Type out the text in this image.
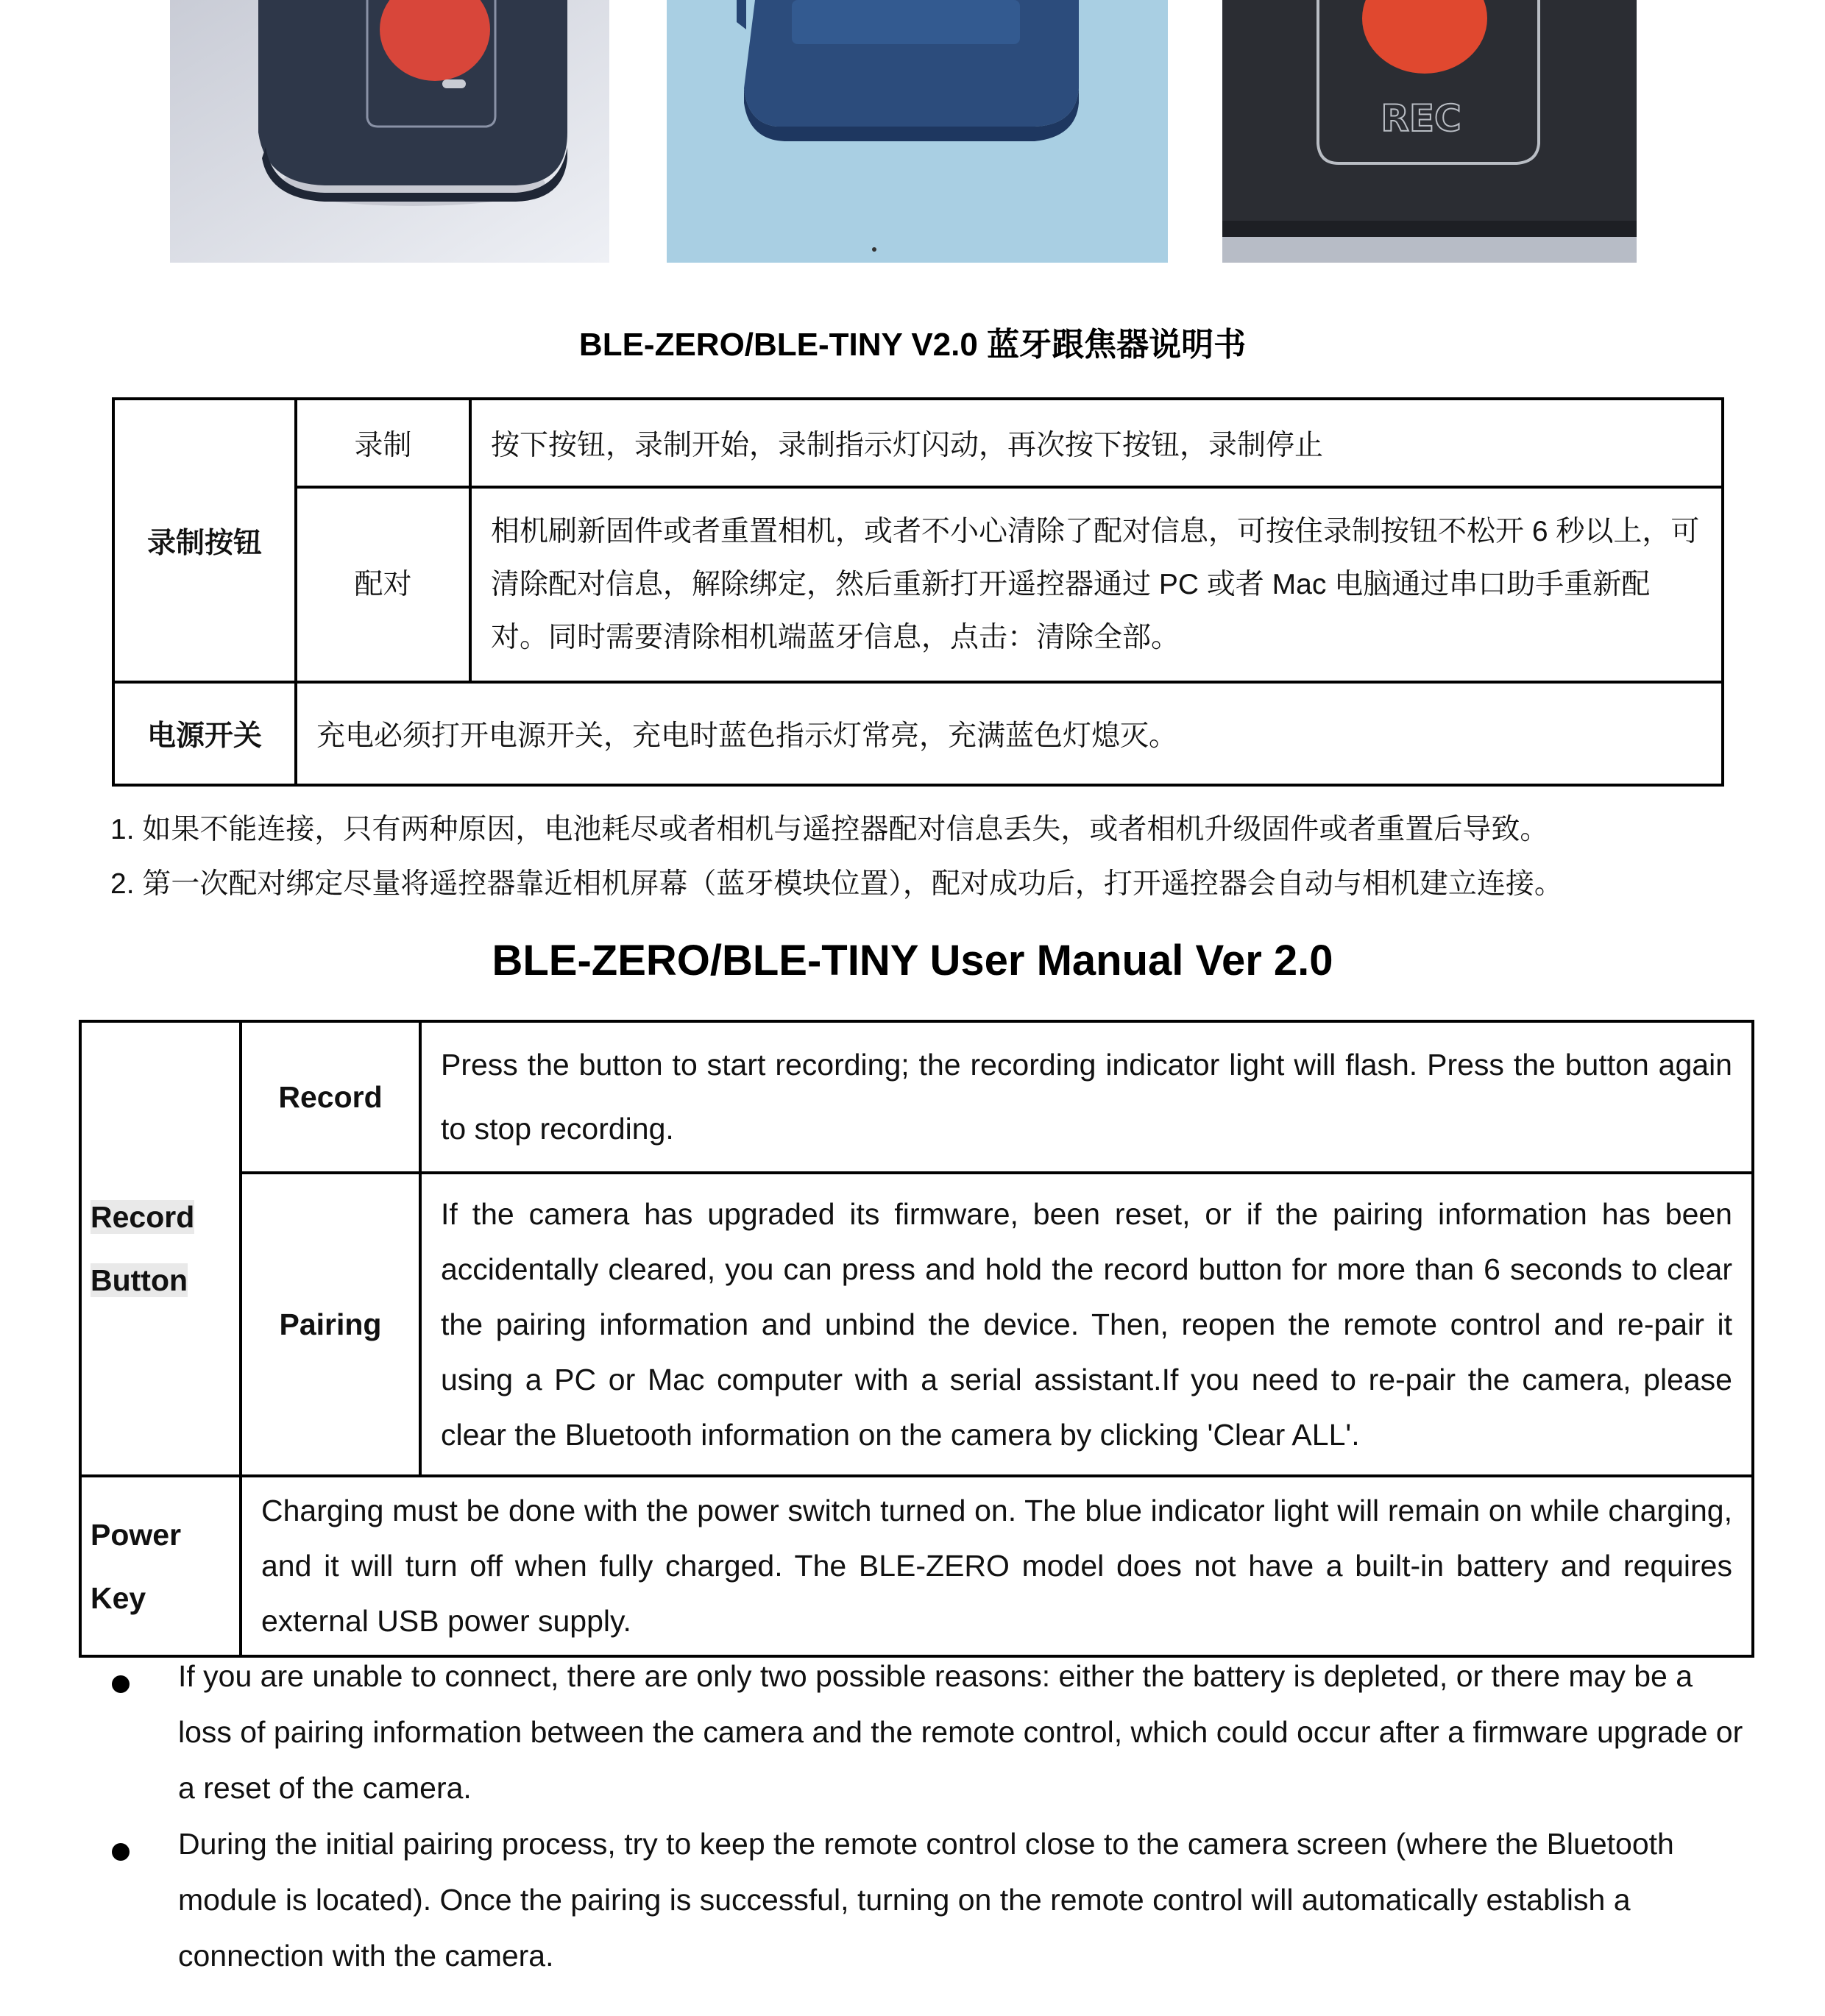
REC
BLE-ZERO/BLE-TINY V2.0 蓝牙跟焦器说明书
录制按钮	录制	按下按钮，录制开始，录制指示灯闪动，再次按下按钮，录制停止
	配对	相机刷新固件或者重置相机，或者不小心清除了配对信息，可按住录制按钮不松开 6 秒以上，可清除配对信息，解除绑定，然后重新打开遥控器通过 PC 或者 Mac 电脑通过串口助手重新配对。同时需要清除相机端蓝牙信息，点击：清除全部。
电源开关	充电必须打开电源开关，充电时蓝色指示灯常亮，充满蓝色灯熄灭。	
1. 如果不能连接，只有两种原因，电池耗尽或者相机与遥控器配对信息丢失，或者相机升级固件或者重置后导致。
2. 第一次配对绑定尽量将遥控器靠近相机屏幕（蓝牙模块位置），配对成功后，打开遥控器会自动与相机建立连接。
BLE-ZERO/BLE-TINY User Manual Ver 2.0
Record
Button	Record	Press the button to start recording; the recording indicator light will flash. Press the button again to stop recording.
	Pairing	If the camera has upgraded its firmware, been reset, or if the pairing information has been accidentally cleared, you can press and hold the record button for more than 6 seconds to clear the pairing information and unbind the device. Then, reopen the remote control and re-pair it using a PC or Mac computer with a serial assistant.If you need to re-pair the camera, please clear the Bluetooth information on the camera by clicking 'Clear ALL'.
Power
Key	Charging must be done with the power switch turned on. The blue indicator light will remain on while charging, and it will turn off when fully charged. The BLE-ZERO model does not have a built-in battery and requires external USB power supply.	
If you are unable to connect, there are only two possible reasons: either the battery is depleted, or there may be a loss of pairing information between the camera and the remote control, which could occur after a firmware upgrade or a reset of the camera.
During the initial pairing process, try to keep the remote control close to the camera screen (where the Bluetooth module is located). Once the pairing is successful, turning on the remote control will automatically establish a connection with the camera.
